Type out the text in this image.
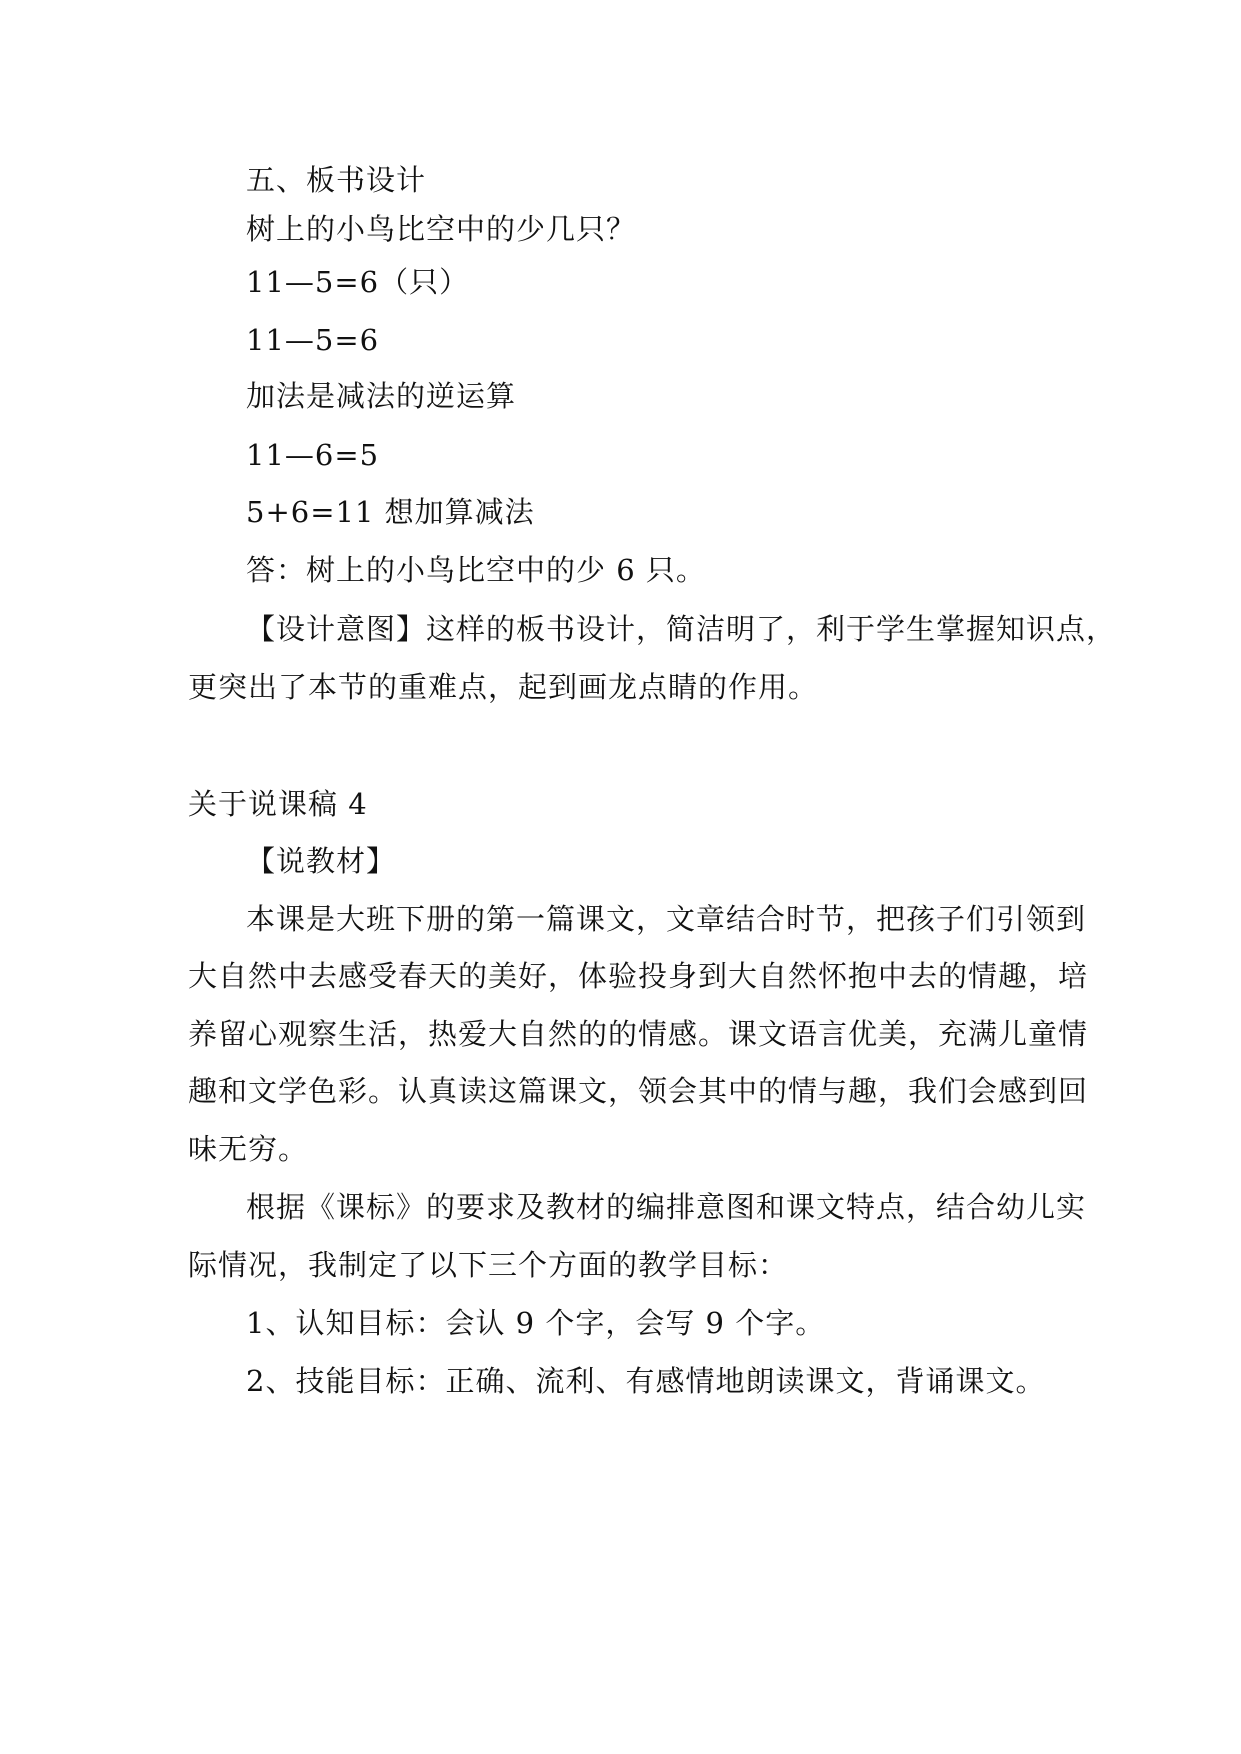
五、板书设计
树上的小鸟比空中的少几只？
11—5=6（只）
11—5=6
加法是减法的逆运算
11—6=5
5+6=11 想加算减法
答：树上的小鸟比空中的少 6 只。
【设计意图】这样的板书设计，简洁明了，利于学生掌握知识点，
更突出了本节的重难点，起到画龙点睛的作用。
关于说课稿 4
【说教材】
本课是大班下册的第一篇课文，文章结合时节，把孩子们引领到
大自然中去感受春天的美好，体验投身到大自然怀抱中去的情趣，培
养留心观察生活，热爱大自然的的情感。课文语言优美，充满儿童情
趣和文学色彩。认真读这篇课文，领会其中的情与趣，我们会感到回
味无穷。
根据《课标》的要求及教材的编排意图和课文特点，结合幼儿实
际情况，我制定了以下三个方面的教学目标：
1、认知目标：会认 9 个字，会写 9 个字。
2、技能目标：正确、流利、有感情地朗读课文，背诵课文。
